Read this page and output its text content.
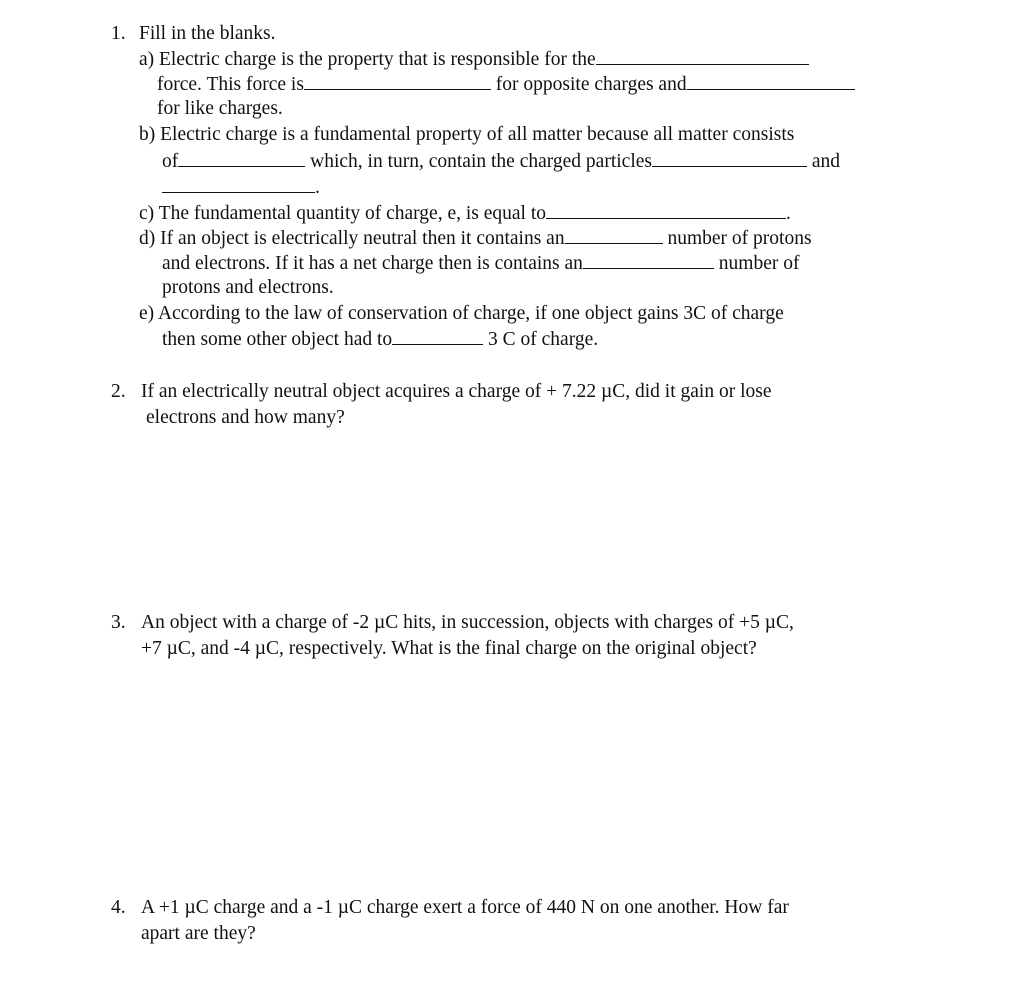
1. Fill in the blanks.
a) Electric charge is the property that is responsible for the
force. This force is	for opposite charges and
for like charges.
b) Electric charge is a fundamental property of all matter because all matter consists
of	which, in turn, contain the charged particles	and
.
c) The fundamental quantity of charge, e, is equal to	.
d) If an object is electrically neutral then it contains an	number of protons
and electrons. If it has a net charge then is contains an	number of
protons and electrons.
e) According to the law of conservation of charge, if one object gains 3C of charge
then some other object had to	3 C of charge.
2. If an electrically neutral object acquires a charge of + 7.22 µC, did it gain or lose
electrons and how many?
3. An object with a charge of -2 µC hits, in succession, objects with charges of +5 µC,
+7 µC, and -4 µC, respectively. What is the final charge on the original object?
4. A +1 µC charge and a -1 µC charge exert a force of 440 N on one another. How far
apart are they?
